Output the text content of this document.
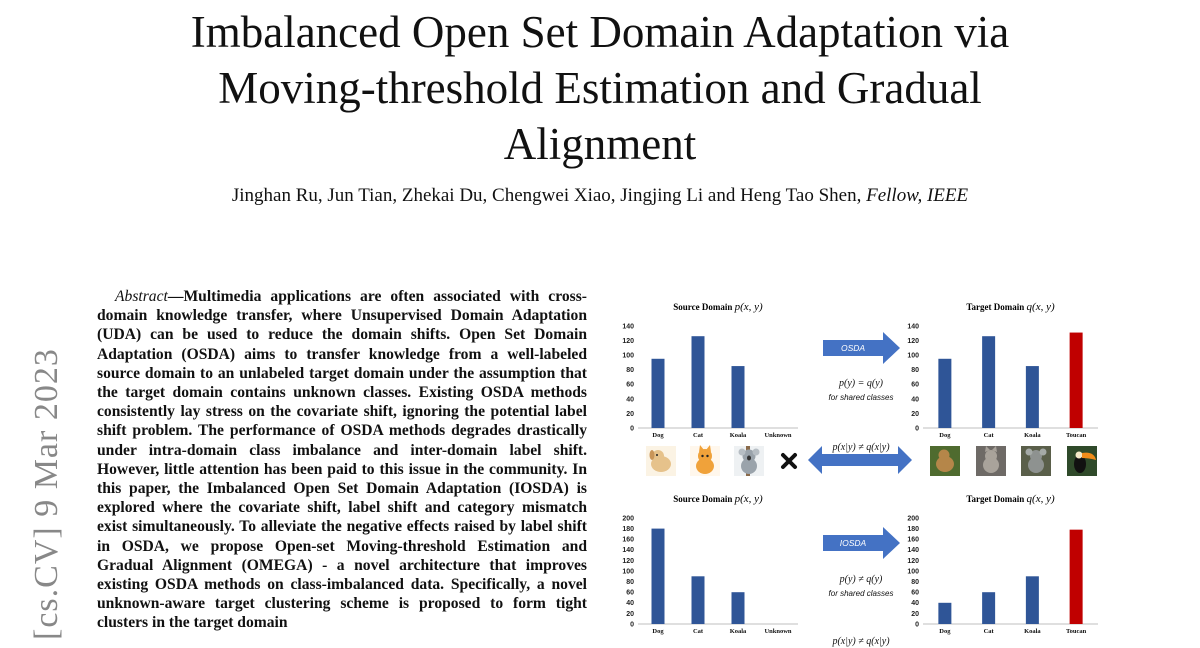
Imbalanced Open Set Domain Adaptation via
Moving-threshold Estimation and Gradual
Alignment
Jinghan Ru, Jun Tian, Zhekai Du, Chengwei Xiao, Jingjing Li and Heng Tao Shen, Fellow, IEEE
[cs.CV] 9 Mar 2023
Abstract—Multimedia applications are often associated with cross-domain knowledge transfer, where Unsupervised Domain Adaptation (UDA) can be used to reduce the domain shifts. Open Set Domain Adaptation (OSDA) aims to transfer knowledge from a well-labeled source domain to an unlabeled target domain under the assumption that the target domain contains unknown classes. Existing OSDA methods consistently lay stress on the covariate shift, ignoring the potential label shift problem. The performance of OSDA methods degrades drastically under intra-domain class imbalance and inter-domain label shift. However, little attention has been paid to this issue in the community. In this paper, the Imbalanced Open Set Domain Adaptation (IOSDA) is explored where the covariate shift, label shift and category mismatch exist simultaneously. To alleviate the negative effects raised by label shift in OSDA, we propose Open-set Moving-threshold Estimation and Gradual Alignment (OMEGA) - a novel architecture that improves existing OSDA methods on class-imbalanced data. Specifically, a novel unknown-aware target clustering scheme is proposed to form tight clusters in the target domain
Source Domain p(x, y)
0
20
40
60
80
100
120
140
Dog	Cat	Koala	Unknown
Target Domain q(x, y)
0
20
40
60
80
100
120
140
Dog	Cat	Koala	Toucan
Source Domain p(x, y)
0
20
40
60
80
100
120
140
160
180
200
Dog	Cat	Koala	Unknown
Target Domain q(x, y)
0
20
40
60
80
100
120
140
160
180
200
Dog	Cat	Koala	Toucan
OSDA
p(y) = q(y)
for shared classes
p(x|y) ≠ q(x|y)
IOSDA
p(y) ≠ q(y)
for shared classes
p(x|y) ≠ q(x|y)
